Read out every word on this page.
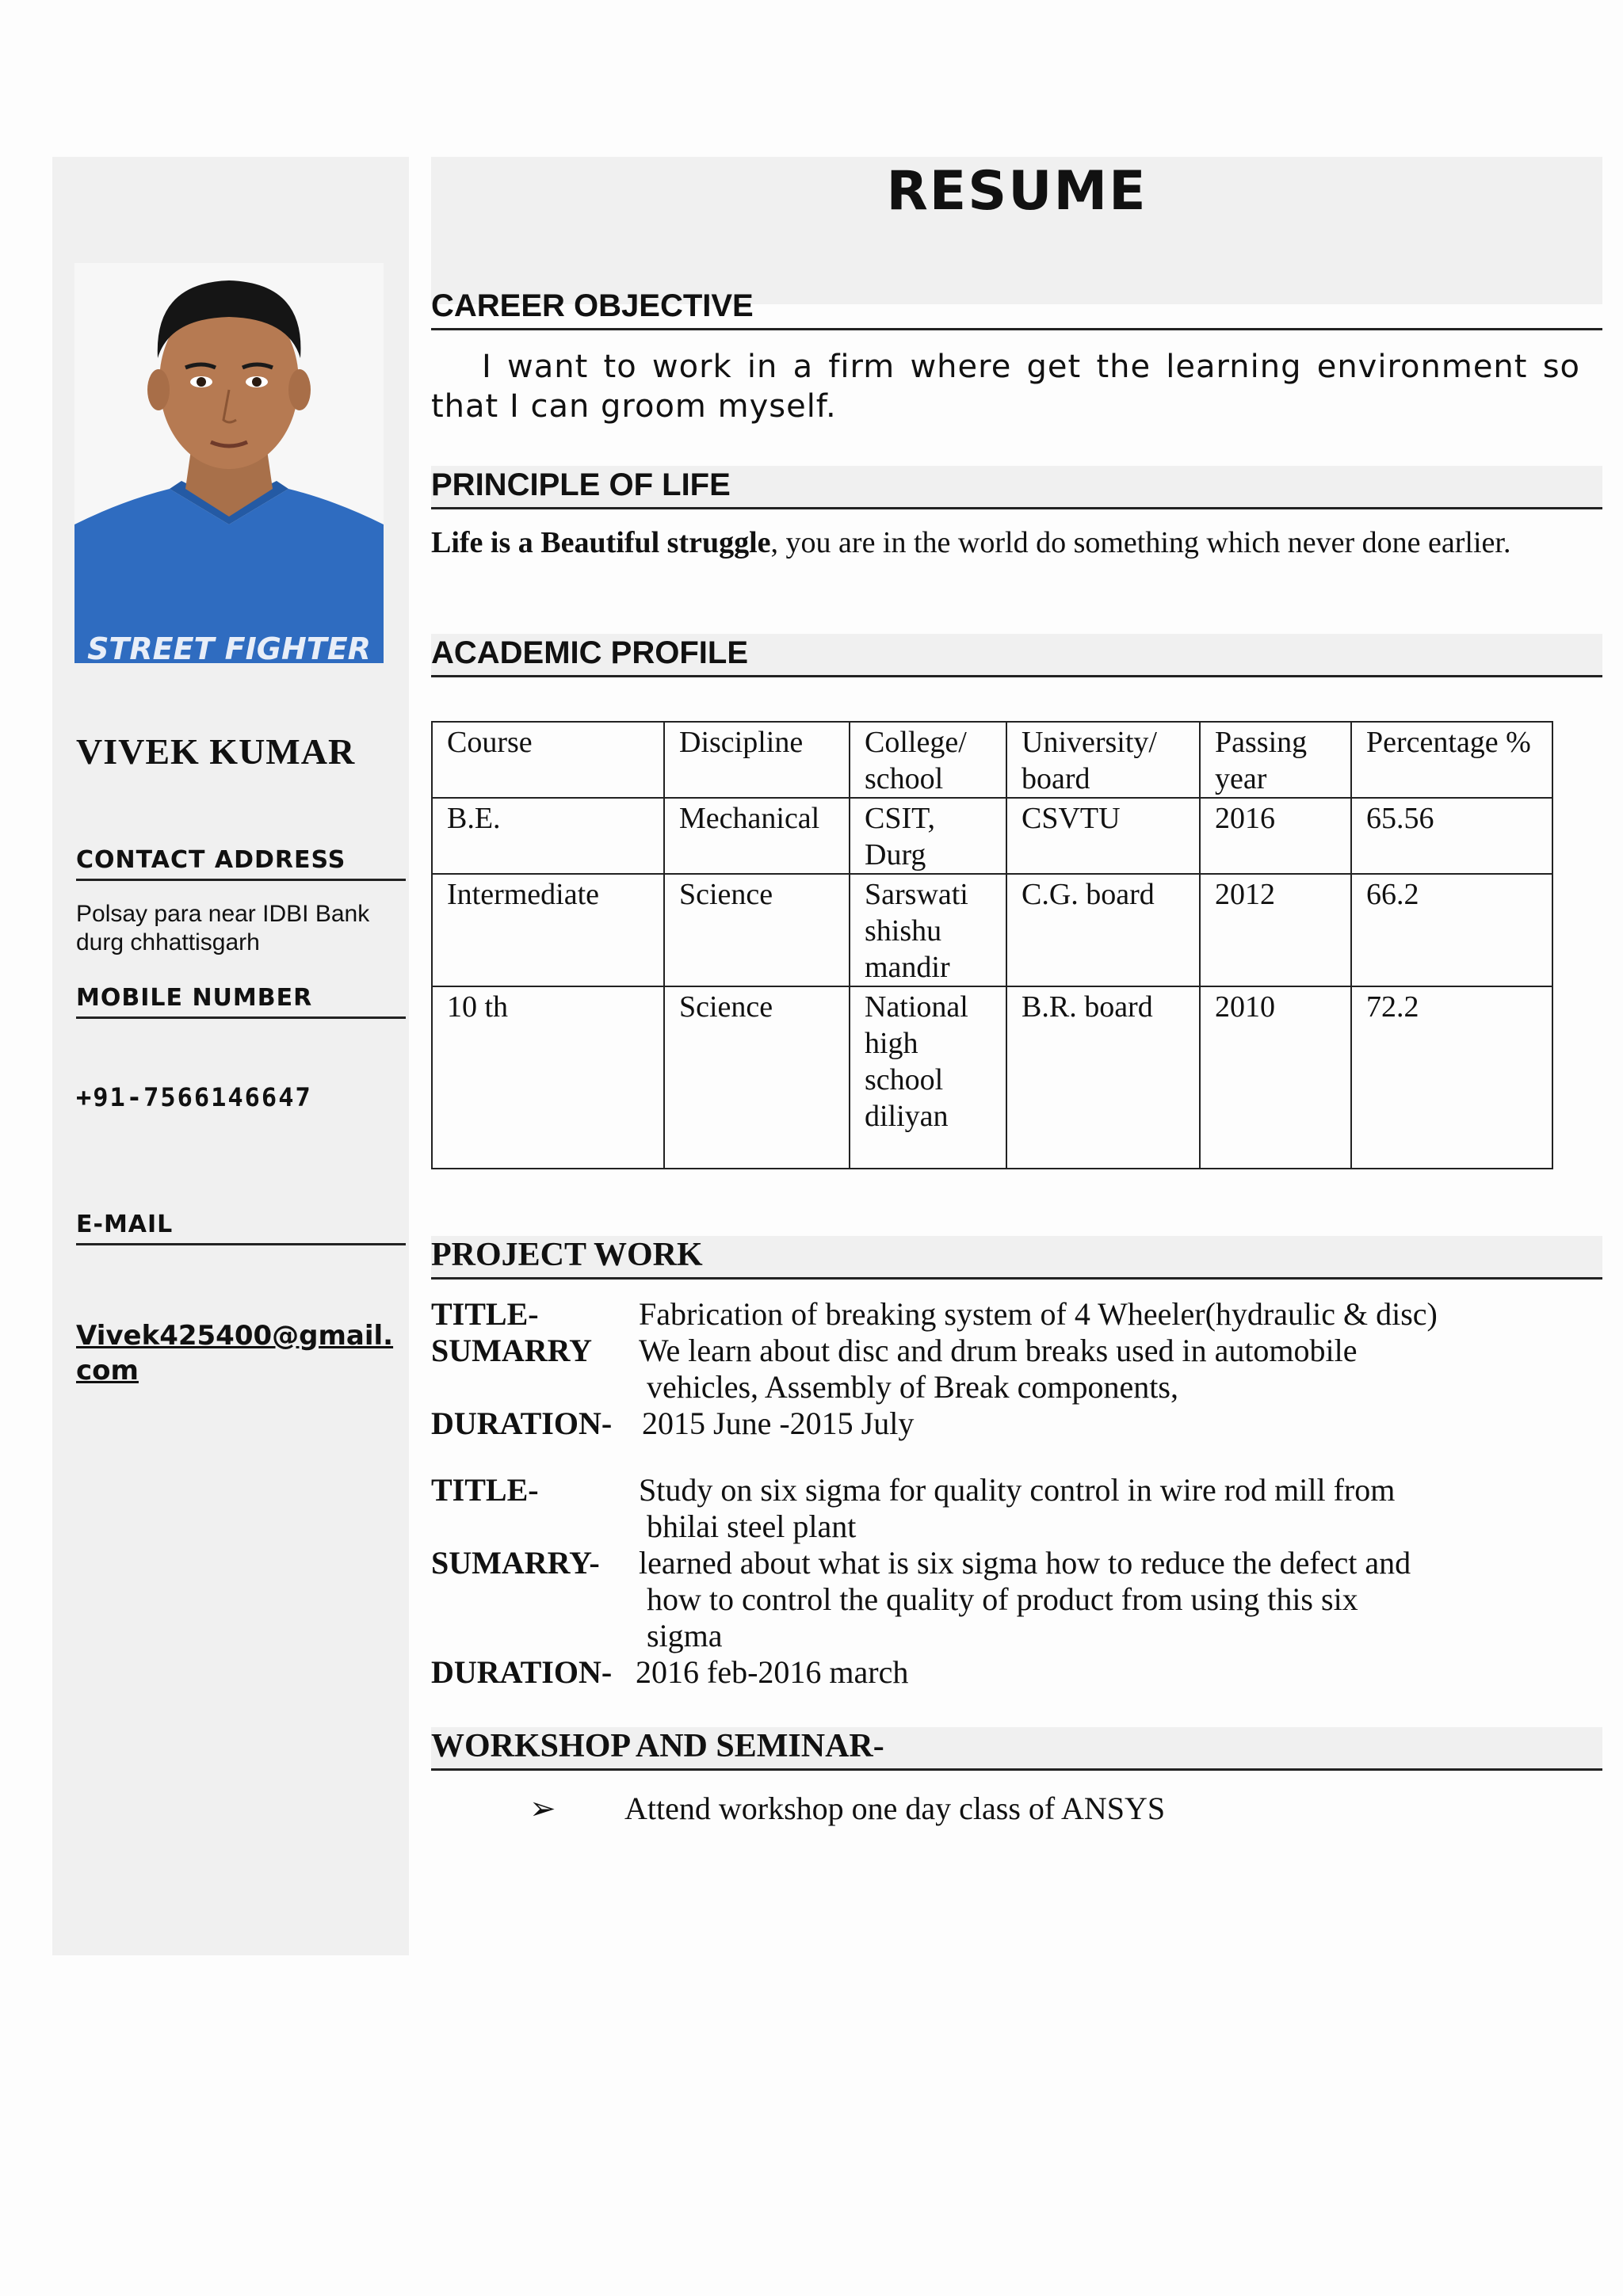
STREET FIGHTER
VIVEK KUMAR
CONTACT ADDRESS
Polsay para near IDBI Bank durg chhattisgarh
MOBILE NUMBER
+91-7566146647
E-MAIL
Vivek425400@gmail.com
RESUME
CAREER OBJECTIVE
I want to work in a firm where get the learning environment so that I can groom myself.
PRINCIPLE OF LIFE
Life is a Beautiful struggle, you are in the world do something which never done earlier.
ACADEMIC PROFILE
Course	Discipline	College/ school	University/ board	Passing year	Percentage %
B.E.	Mechanical	CSIT, Durg	CSVTU	2016	65.56
Intermediate	Science	Sarswati shishu mandir	C.G. board	2012	66.2
10 th	Science	National high school diliyan	B.R. board	2010	72.2
PROJECT WORK
TITLE-	Fabrication of breaking system of 4 Wheeler(hydraulic & disc)
SUMARRY We learn about disc and drum breaks used in automobile
vehicles, Assembly of Break components,
DURATION- 2015 June -2015 July
TITLE-	Study on six sigma for quality control in wire rod mill from
bhilai steel plant
SUMARRY- learned about what is six sigma how to reduce the defect and
how to control the quality of product from using this six
sigma
DURATION- 2016 feb-2016 march
WORKSHOP AND SEMINAR-
➢ Attend workshop one day class of ANSYS
